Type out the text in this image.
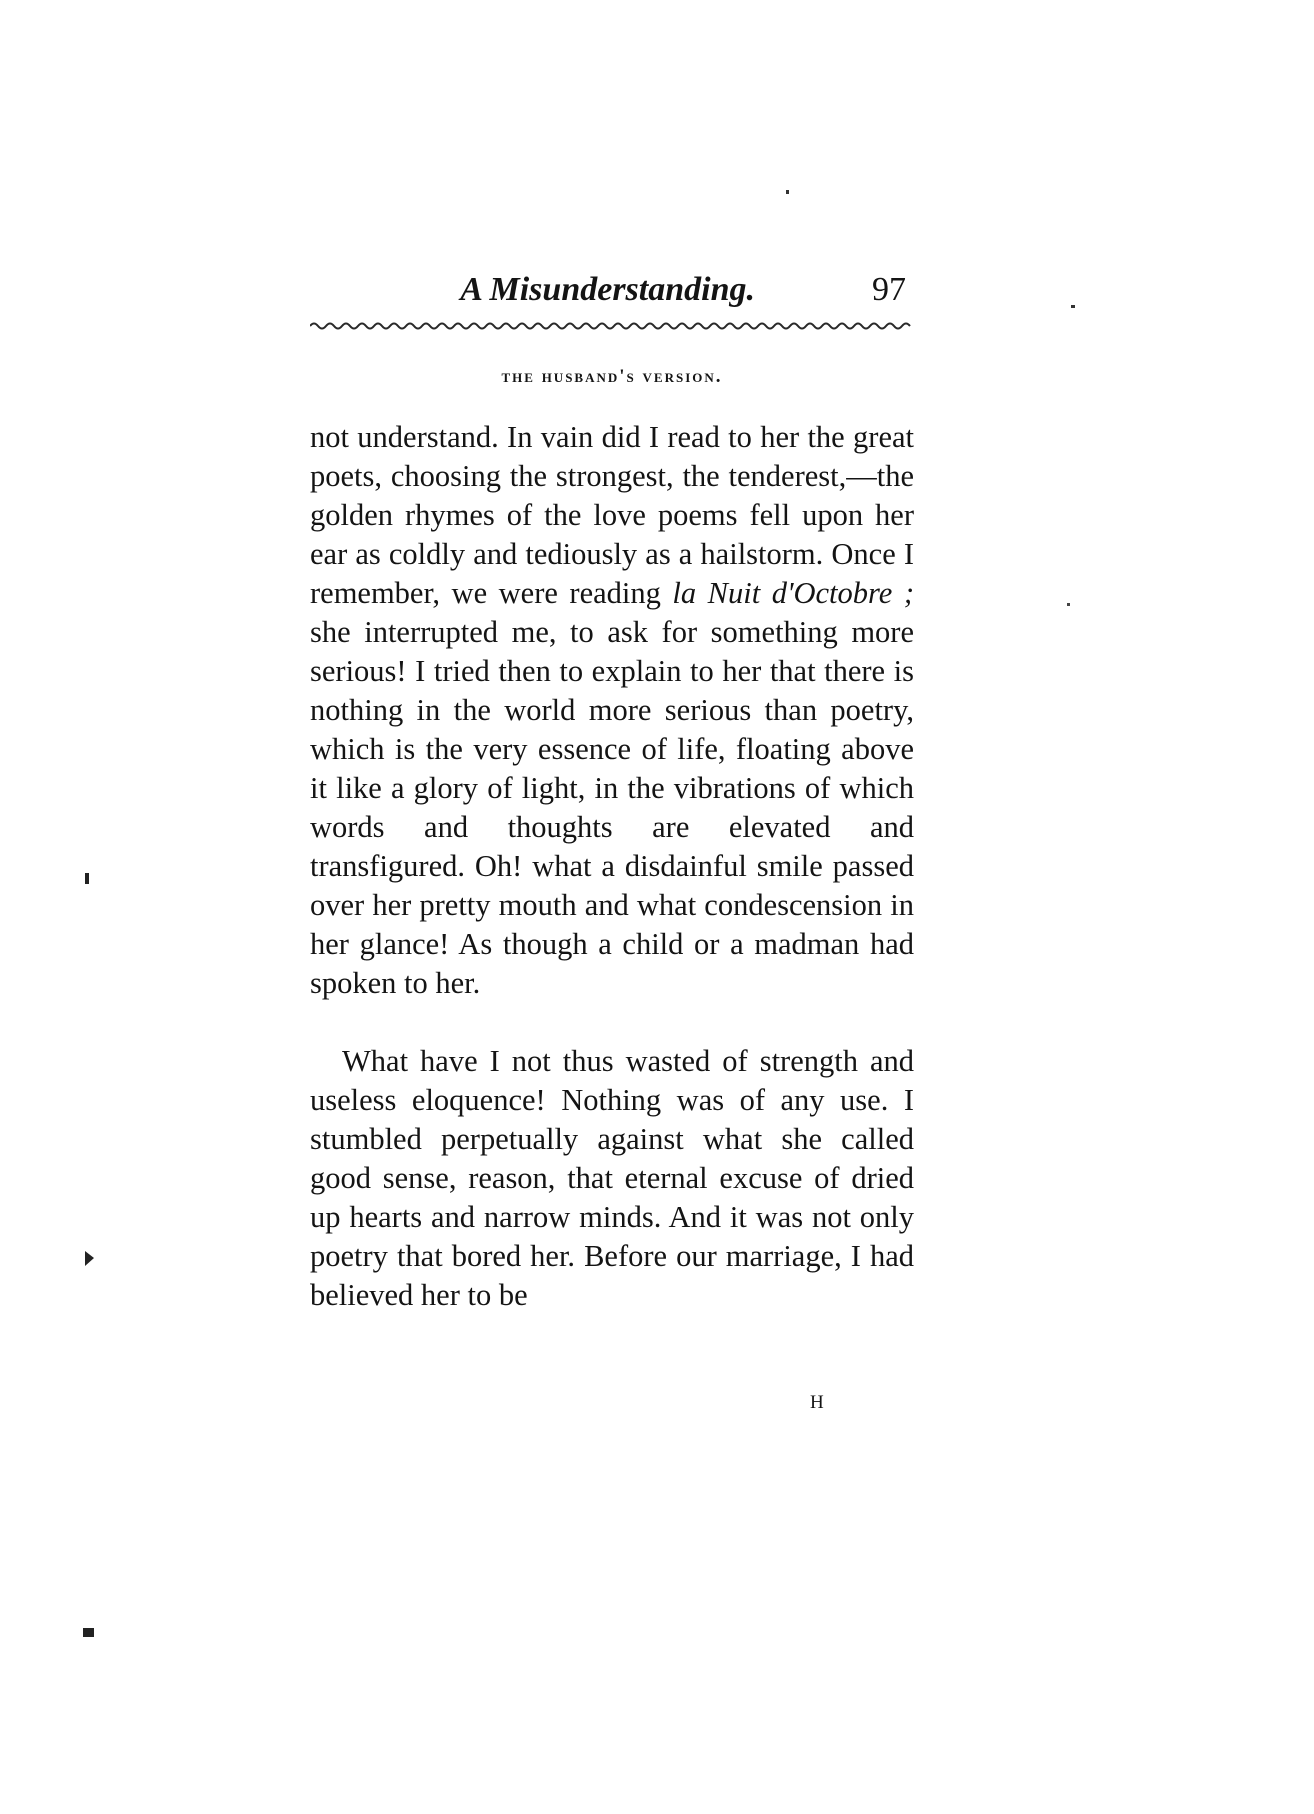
A Misunderstanding.	97
the husband's version.

not understand. In vain did I read to her the great poets, choosing the strongest, the tenderest,—the golden rhymes of the love poems fell upon her ear as coldly and tediously as a hailstorm. Once I remember, we were reading la Nuit d'Octobre ; she interrupted me, to ask for something more serious! I tried then to explain to her that there is nothing in the world more serious than poetry, which is the very essence of life, floating above it like a glory of light, in the vibrations of which words and thoughts are elevated and transfigured. Oh! what a disdainful smile passed over her pretty mouth and what condescension in her glance! As though a child or a madman had spoken to her.

What have I not thus wasted of strength and useless eloquence! Nothing was of any use. I stumbled perpetually against what she called good sense, reason, that eternal excuse of dried up hearts and narrow minds. And it was not only poetry that bored her. Before our marriage, I had believed her to be

H
